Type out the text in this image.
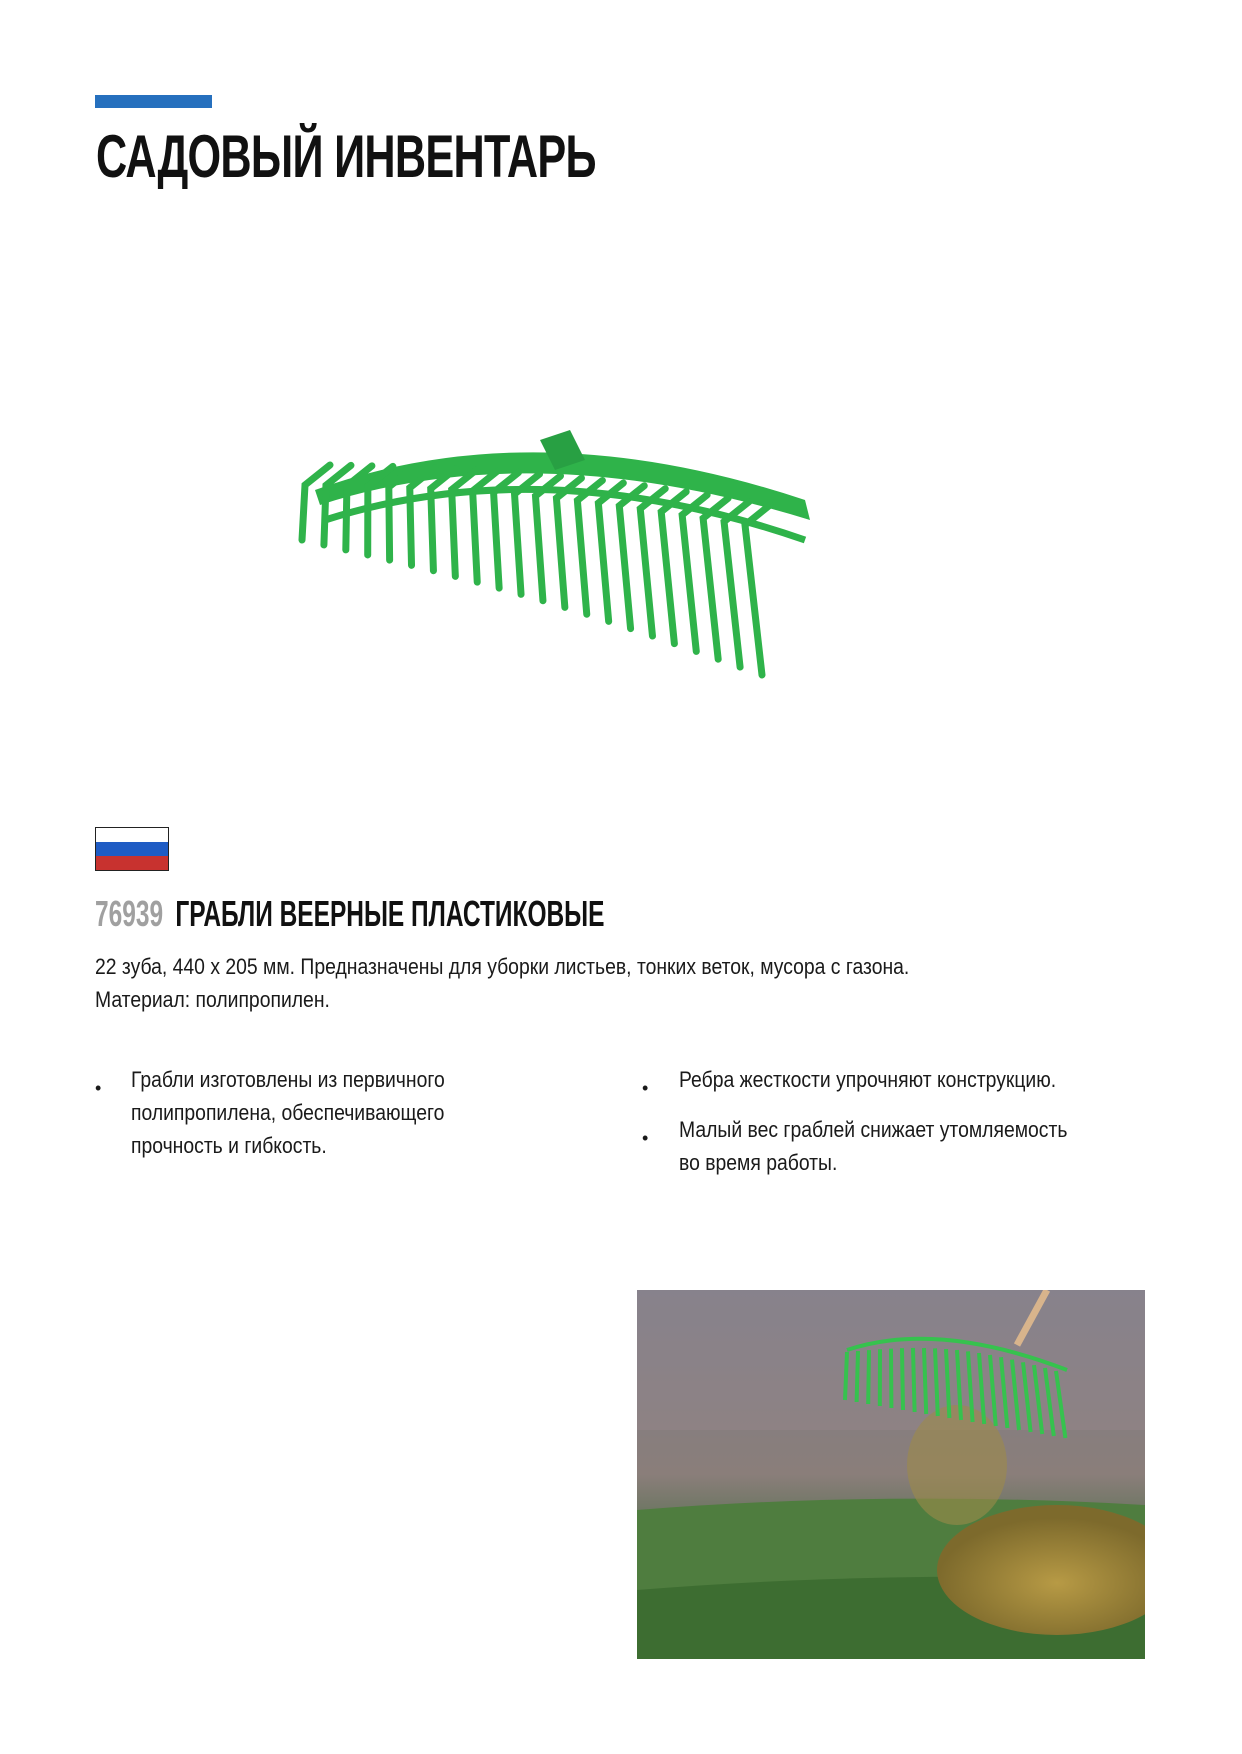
САДОВЫЙ ИНВЕНТАРЬ
76939 ГРАБЛИ ВЕЕРНЫЕ ПЛАСТИКОВЫЕ
22 зуба, 440 x 205 мм. Предназначены для уборки листьев, тонких веток, мусора с газона.
Материал: полипропилен.
• Грабли изготовлены из первичного
полипропилена, обеспечивающего
прочность и гибкость.
• Ребра жесткости упрочняют конструкцию.
• Малый вес граблей снижает утомляемость
во время работы.
